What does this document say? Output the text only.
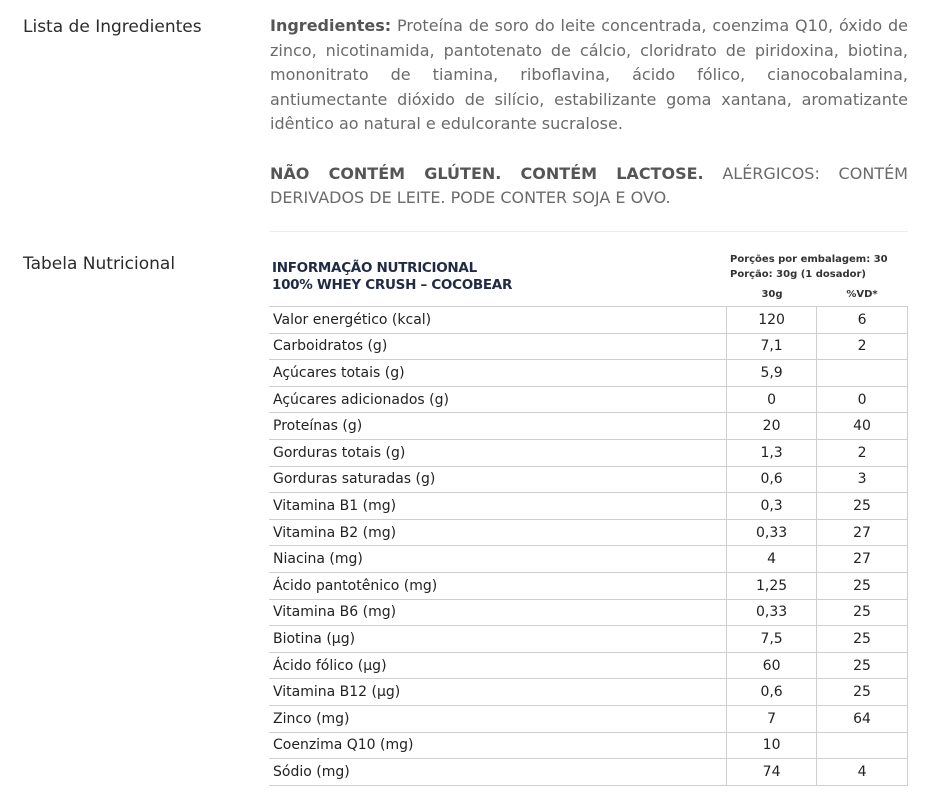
Lista de Ingredientes	Ingredientes: Proteína de soro do leite concentrada, coenzima Q10, óxido de zinco, nicotinamida, pantotenato de cálcio, cloridrato de piridoxina, biotina, mononitrato de tiamina, riboflavina, ácido fólico, cianocobalamina, antiumectante dióxido de silício, estabilizante goma xantana, aromatizante idêntico ao natural e edulcorante sucralose.
NÃO CONTÉM GLÚTEN. CONTÉM LACTOSE. ALÉRGICOS: CONTÉM DERIVADOS DE LEITE. PODE CONTER SOJA E OVO.
Tabela Nutricional	INFORMAÇÃO NUTRICIONAL
100% WHEY CRUSH – COCOBEAR
Porções por embalagem: 30
Porção: 30g (1 dosador)
30g	%VD*
Valor energético (kcal)	120	6
Carboidratos (g)	7,1	2
Açúcares totais (g)	5,9	
Açúcares adicionados (g)	0	0
Proteínas (g)	20	40
Gorduras totais (g)	1,3	2
Gorduras saturadas (g)	0,6	3
Vitamina B1 (mg)	0,3	25
Vitamina B2 (mg)	0,33	27
Niacina (mg)	4	27
Ácido pantotênico (mg)	1,25	25
Vitamina B6 (mg)	0,33	25
Biotina (µg)	7,5	25
Ácido fólico (µg)	60	25
Vitamina B12 (µg)	0,6	25
Zinco (mg)	7	64
Coenzima Q10 (mg)	10	
Sódio (mg)	74	4
